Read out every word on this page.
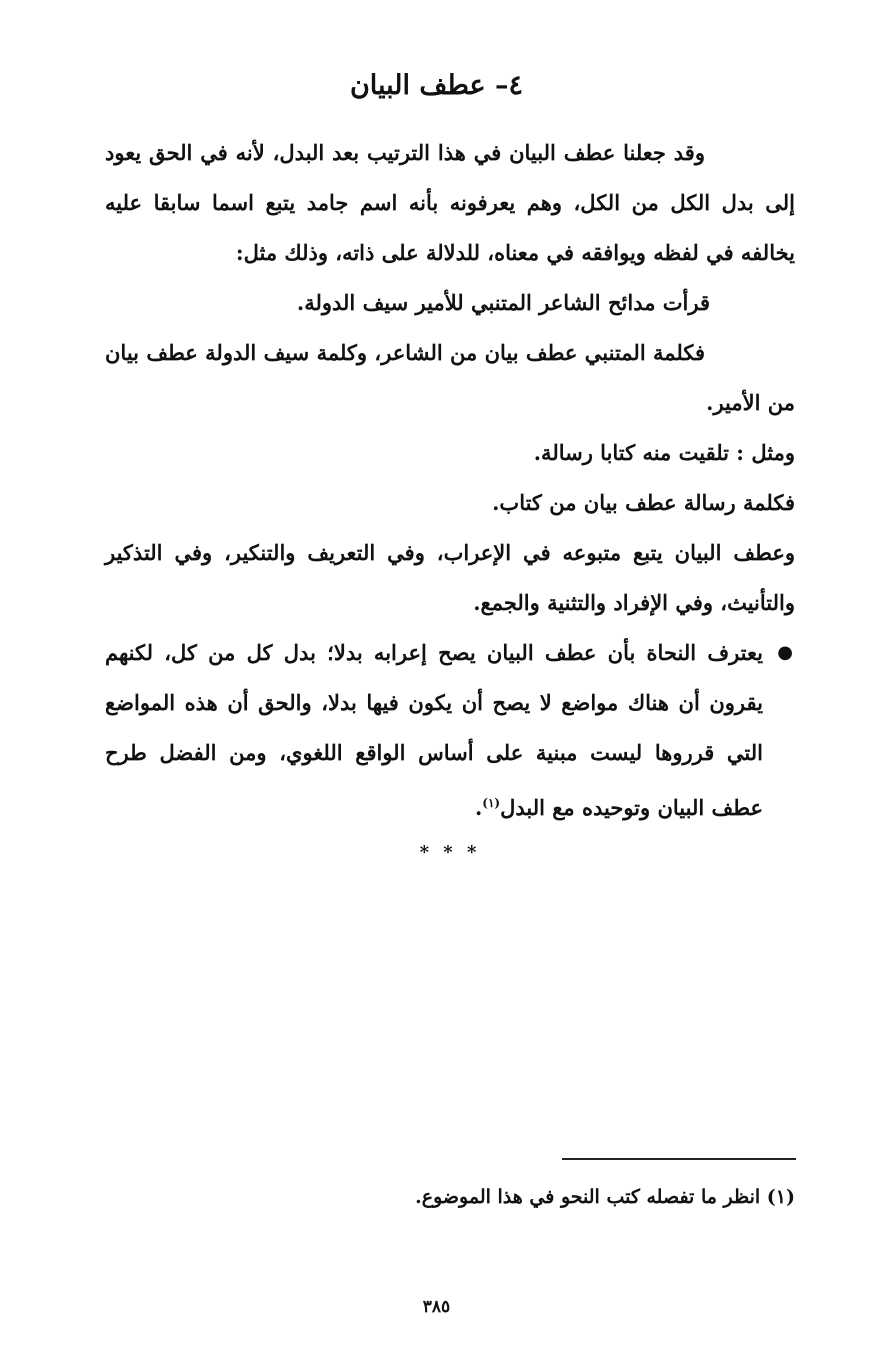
٤– عطف البيان

وقد جعلنا عطف البيان في هذا الترتيب بعد البدل، لأنه في الحق يعود إلى بدل الكل من الكل، وهم يعرفونه بأنه اسم جامد يتبع اسما سابقا عليه يخالفه في لفظه ويوافقه في معناه، للدلالة على ذاته، وذلك مثل:

قرأت مدائح الشاعر المتنبي للأمير سيف الدولة.

فكلمة المتنبي عطف بيان من الشاعر، وكلمة سيف الدولة عطف بيان من الأمير.

ومثل : تلقيت منه كتابا رسالة.

فكلمة رسالة عطف بيان من كتاب.

وعطف البيان يتبع متبوعه في الإعراب، وفي التعريف والتنكير، وفي التذكير والتأنيث، وفي الإفراد والتثنية والجمع.

●

يعترف النحاة بأن عطف البيان يصح إعرابه بدلا؛ بدل كل من كل، لكنهم يقرون أن هناك مواضع لا يصح أن يكون فيها بدلا، والحق أن هذه المواضع التي قرروها ليست مبنية على أساس الواقع اللغوي، ومن الفضل طرح عطف البيان وتوحيده مع البدل$^{(١)}$.

* * *

(١) انظر ما تفصله كتب النحو في هذا الموضوع.
٣٨٥
